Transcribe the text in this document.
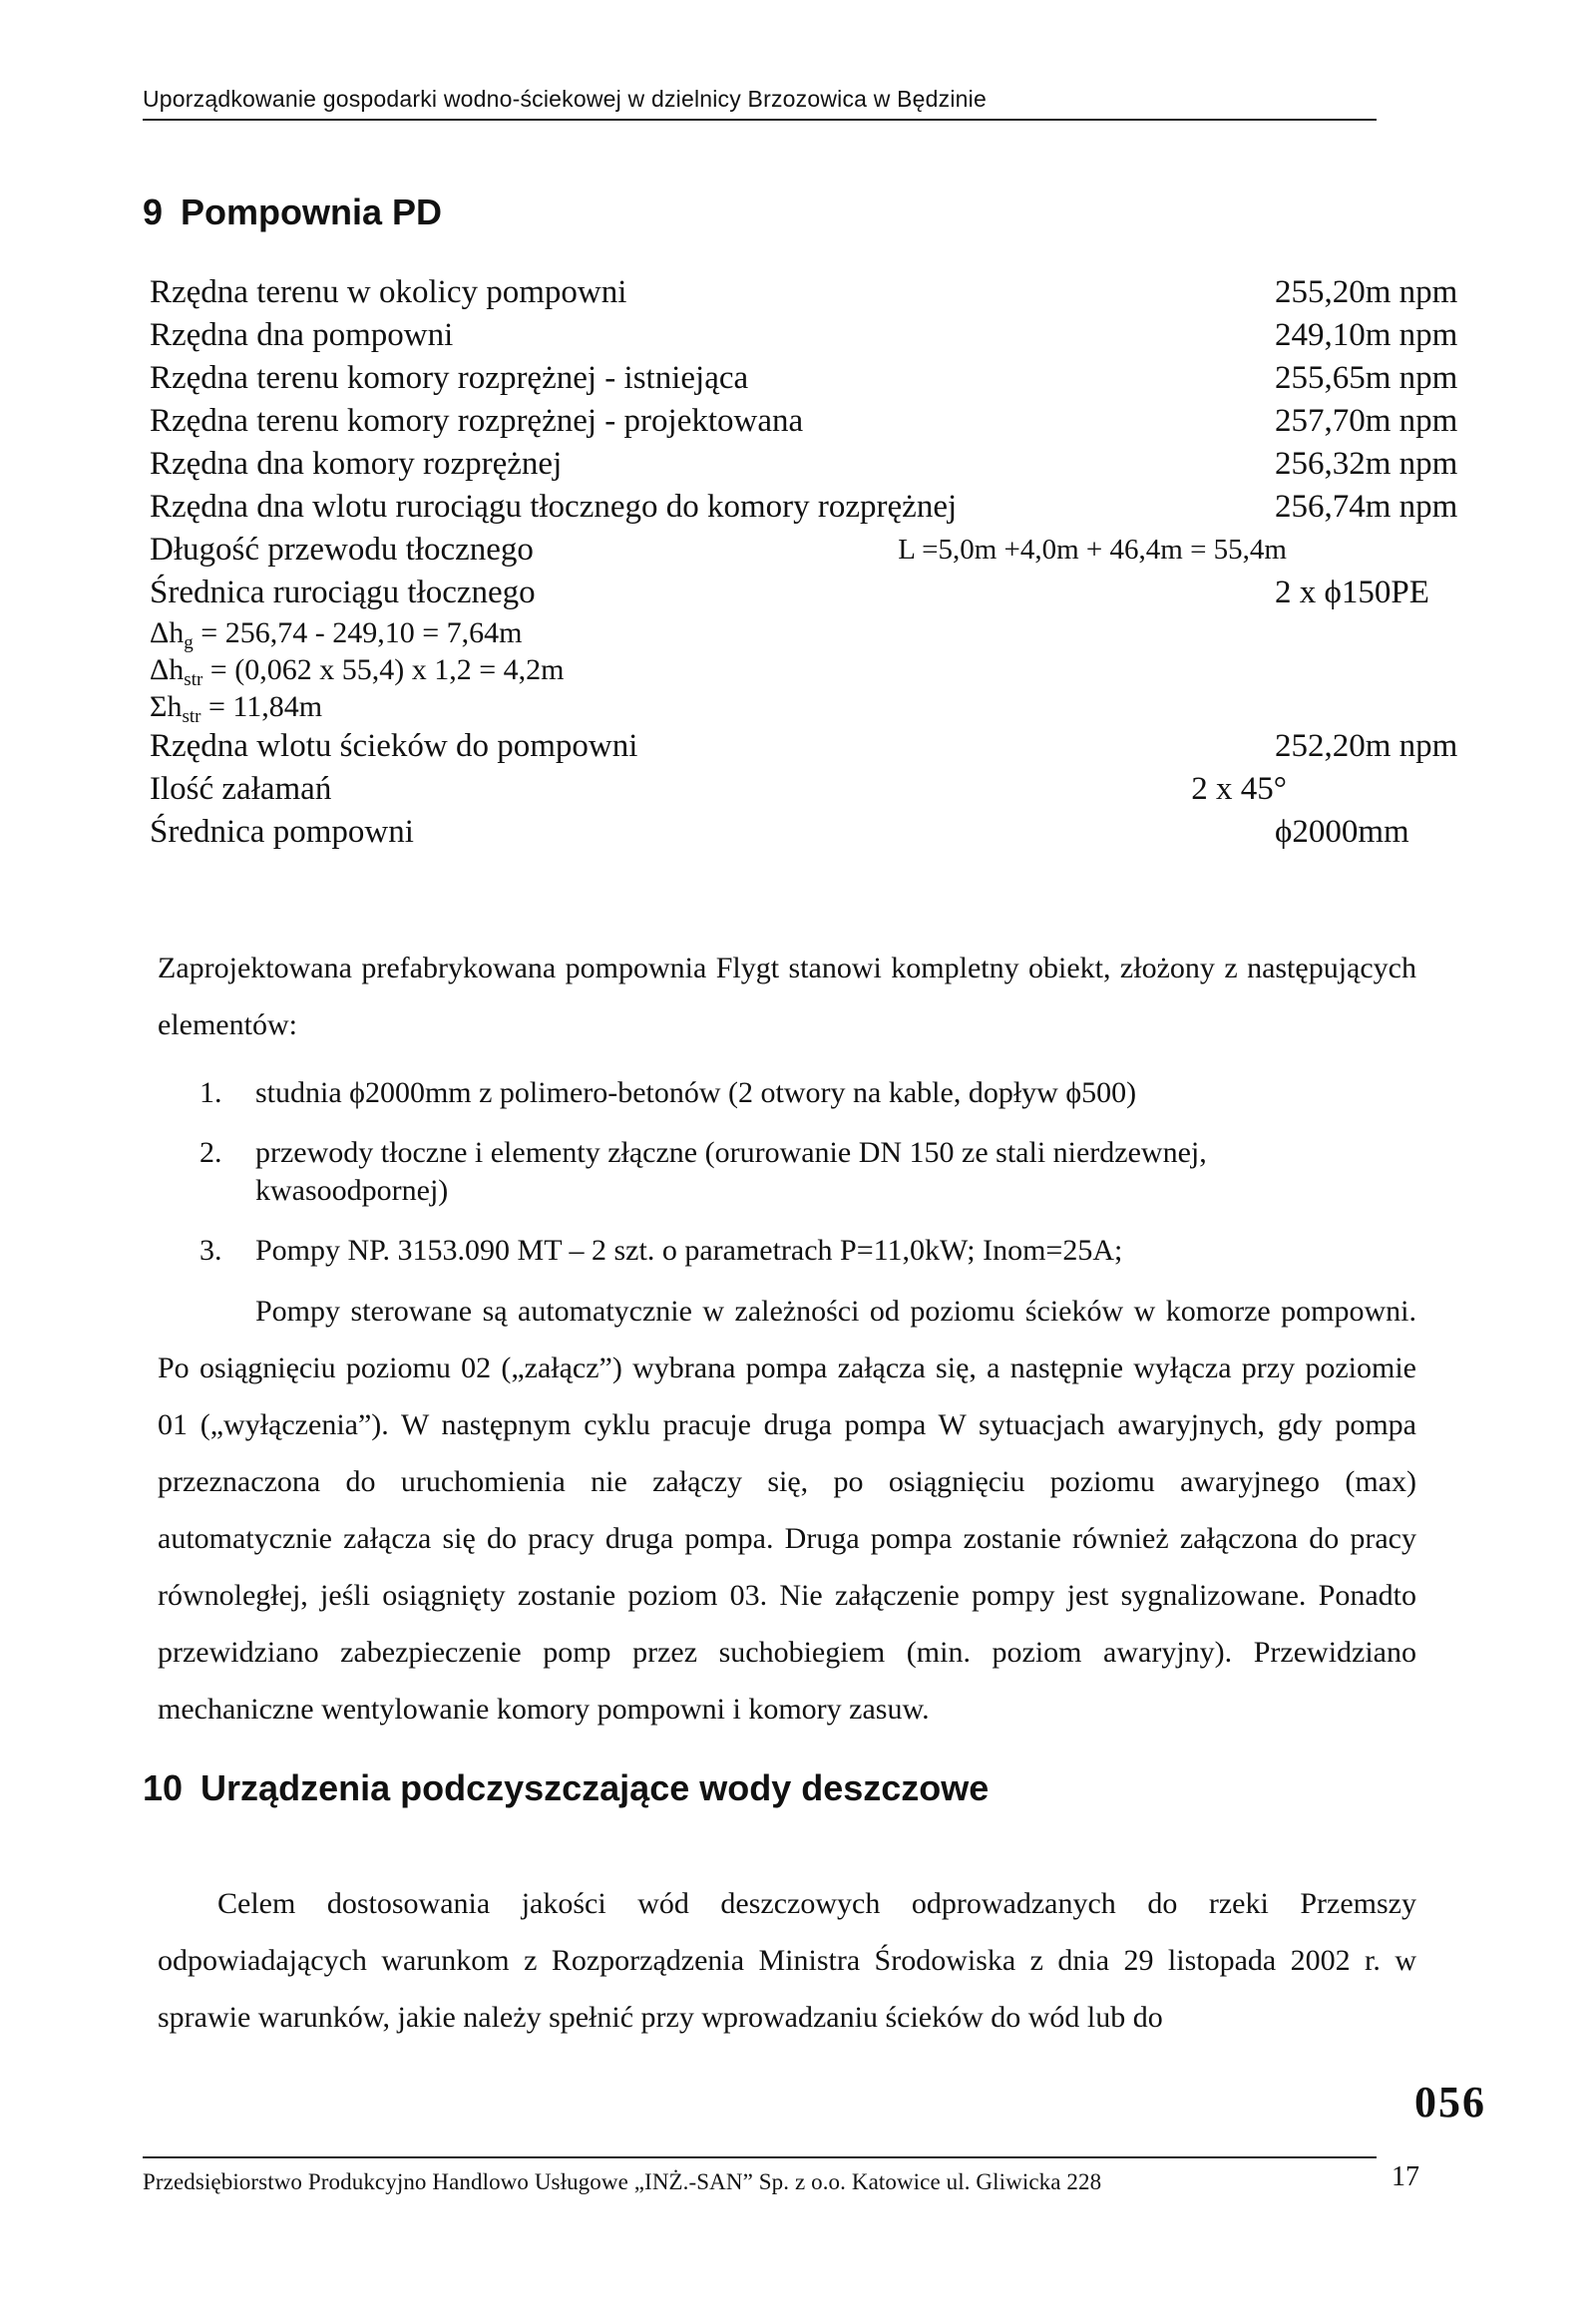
Uporządkowanie gospodarki wodno-ściekowej w dzielnicy Brzozowica w Będzinie
9 Pompownia PD
Rzędna terenu w okolicy pompowni	255,20m npm
Rzędna dna pompowni	249,10m npm
Rzędna terenu komory rozprężnej - istniejąca	255,65m npm
Rzędna terenu komory rozprężnej - projektowana	257,70m npm
Rzędna dna komory rozprężnej	256,32m npm
Rzędna dna wlotu rurociągu tłocznego do komory rozprężnej	256,74m npm
Długość przewodu tłocznego	L =5,0m +4,0m + 46,4m = 55,4m
Średnica rurociągu tłocznego	2 x ϕ150PE
$\Delta h_g = 256,74 - 249,10 = 7,64m$
$\Delta h_{str} = (0,062$ x 55,4) x 1,2 = 4,2m
$\Sigma h_{str} = 11,84m$
Rzędna wlotu ścieków do pompowni	252,20m npm
Ilość załamań	2 x 45°
Średnica pompowni	ϕ2000mm
Zaprojektowana prefabrykowana pompownia Flygt stanowi kompletny obiekt, złożony z następujących elementów:
1. studnia ϕ2000mm z polimero-betonów (2 otwory na kable, dopływ ϕ500)
2. przewody tłoczne i elementy złączne (orurowanie DN 150 ze stali nierdzewnej, kwasoodpornej)
3. Pompy NP. 3153.090 MT – 2 szt. o parametrach P=11,0kW; Inom=25A;
Pompy sterowane są automatycznie w zależności od poziomu ścieków w komorze pompowni. Po osiągnięciu poziomu 02 („załącz”) wybrana pompa załącza się, a następnie wyłącza przy poziomie 01 („wyłączenia”). W następnym cyklu pracuje druga pompa W sytuacjach awaryjnych, gdy pompa przeznaczona do uruchomienia nie załączy się, po osiągnięciu poziomu awaryjnego (max) automatycznie załącza się do pracy druga pompa. Druga pompa zostanie również załączona do pracy równoległej, jeśli osiągnięty zostanie poziom 03. Nie załączenie pompy jest sygnalizowane. Ponadto przewidziano zabezpieczenie pomp przez suchobiegiem (min. poziom awaryjny). Przewidziano mechaniczne wentylowanie komory pompowni i komory zasuw.
10 Urządzenia podczyszczające wody deszczowe
Celem dostosowania jakości wód deszczowych odprowadzanych do rzeki Przemszy odpowiadających warunkom z Rozporządzenia Ministra Środowiska z dnia 29 listopada 2002 r. w sprawie warunków, jakie należy spełnić przy wprowadzaniu ścieków do wód lub do
056
Przedsiębiorstwo Produkcyjno Handlowo Usługowe „INŻ.-SAN” Sp. z o.o. Katowice ul. Gliwicka 228	17
